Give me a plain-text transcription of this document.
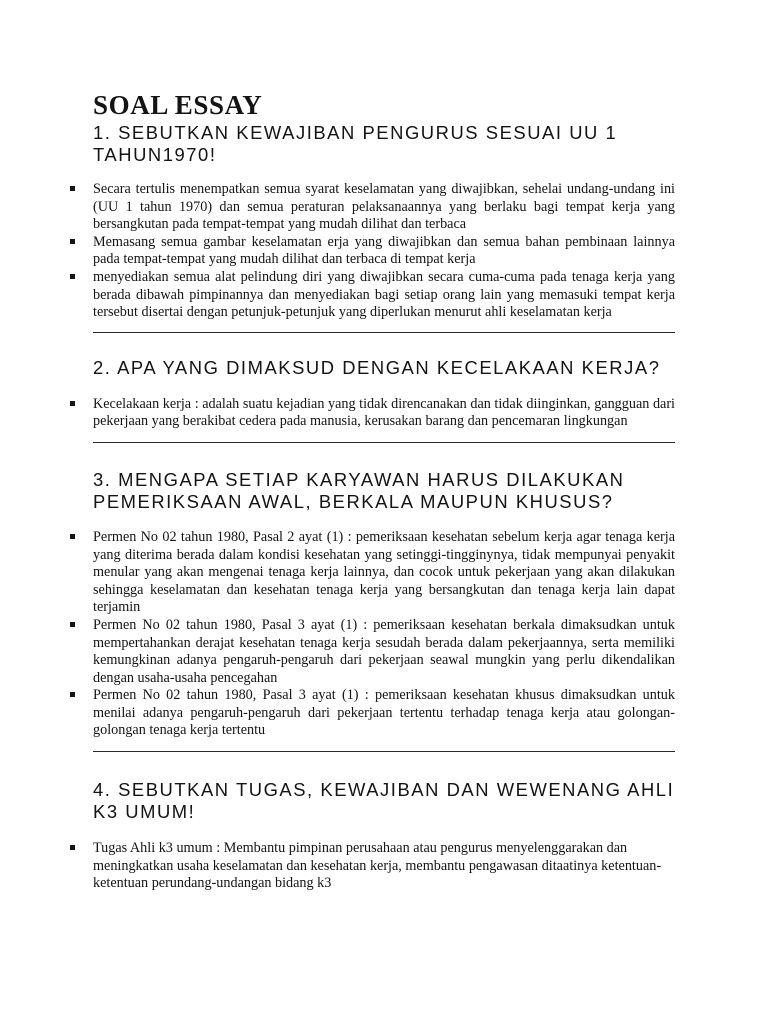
SOAL ESSAY
1. SEBUTKAN KEWAJIBAN PENGURUS SESUAI UU 1 TAHUN1970!
Secara tertulis menempatkan semua syarat keselamatan yang diwajibkan, sehelai undang-undang ini (UU 1 tahun 1970) dan semua peraturan pelaksanaannya yang berlaku bagi tempat kerja yang bersangkutan pada tempat-tempat yang mudah dilihat dan terbaca
Memasang semua gambar keselamatan erja yang diwajibkan dan semua bahan pembinaan lainnya pada tempat-tempat yang mudah dilihat dan terbaca di tempat kerja
menyediakan semua alat pelindung diri yang diwajibkan secara cuma-cuma pada tenaga kerja yang berada dibawah pimpinannya dan menyediakan bagi setiap orang lain yang memasuki tempat kerja tersebut disertai dengan petunjuk-petunjuk yang diperlukan menurut ahli keselamatan kerja
2. APA YANG DIMAKSUD DENGAN KECELAKAAN KERJA?
Kecelakaan kerja : adalah suatu kejadian yang tidak direncanakan dan tidak diinginkan, gangguan dari pekerjaan yang berakibat cedera pada manusia, kerusakan barang dan pencemaran lingkungan
3. MENGAPA SETIAP KARYAWAN HARUS DILAKUKAN PEMERIKSAAN AWAL, BERKALA MAUPUN KHUSUS?
Permen No 02 tahun 1980, Pasal 2 ayat (1) : pemeriksaan kesehatan sebelum kerja agar tenaga kerja yang diterima berada dalam kondisi kesehatan yang setinggi-tingginynya, tidak mempunyai penyakit menular yang akan mengenai tenaga kerja lainnya, dan cocok untuk pekerjaan yang akan dilakukan sehingga keselamatan dan kesehatan tenaga kerja yang bersangkutan dan tenaga kerja lain dapat terjamin
Permen No 02 tahun 1980, Pasal 3 ayat (1) : pemeriksaan kesehatan berkala dimaksudkan untuk mempertahankan derajat kesehatan tenaga kerja sesudah berada dalam pekerjaannya, serta memiliki kemungkinan adanya pengaruh-pengaruh dari pekerjaan seawal mungkin yang perlu dikendalikan dengan usaha-usaha pencegahan
Permen No 02 tahun 1980, Pasal 3 ayat (1) : pemeriksaan kesehatan khusus dimaksudkan untuk menilai adanya pengaruh-pengaruh dari pekerjaan tertentu terhadap tenaga kerja atau golongan-golongan tenaga kerja tertentu
4. SEBUTKAN TUGAS, KEWAJIBAN DAN WEWENANG AHLI K3 UMUM!
Tugas Ahli k3 umum : Membantu pimpinan perusahaan atau pengurus menyelenggarakan dan meningkatkan usaha keselamatan dan kesehatan kerja, membantu pengawasan ditaatinya ketentuan-ketentuan perundang-undangan bidang k3
